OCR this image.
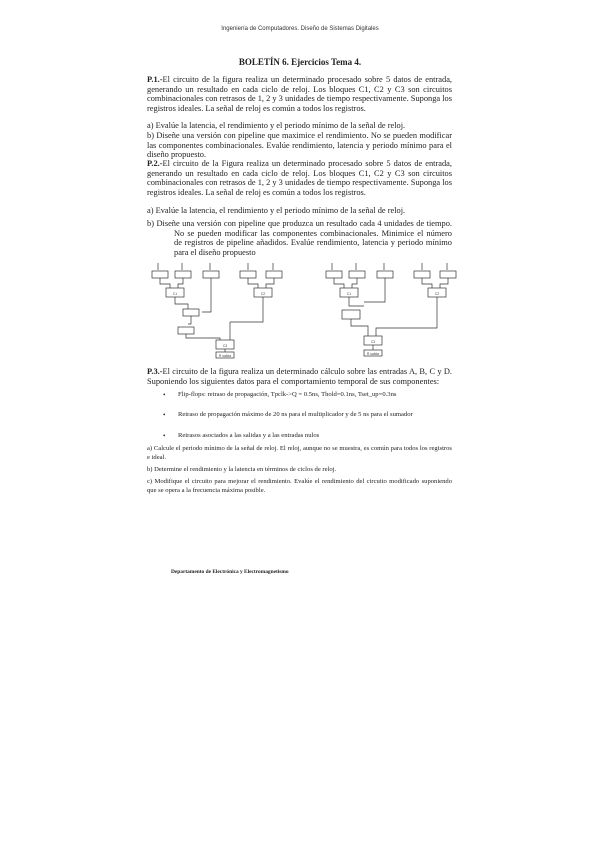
Ingeniería de Computadores. Diseño de Sistemas Digitales
BOLETÍN 6. Ejercicios Tema 4.
P.1.-El circuito de la figura realiza un determinado procesado sobre 5 datos de entrada, generando un resultado en cada ciclo de reloj. Los bloques C1, C2 y C3 son circuitos combinacionales con retrasos de 1, 2 y 3 unidades de tiempo respectivamente. Suponga los registros ideales. La señal de reloj es común a todos los registros.
a) Evalúe la latencia, el rendimiento y el periodo mínimo de la señal de reloj.
b) Diseñe una versión con pipeline que maximice el rendimiento. No se pueden modificar las componentes combinacionales. Evalúe rendimiento, latencia y periodo mínimo para el diseño propuesto.
P.2.-El circuito de la Figura realiza un determinado procesado sobre 5 datos de entrada, generando un resultado en cada ciclo de reloj. Los bloques C1, C2 y C3 son circuitos combinacionales con retrasos de 1, 2 y 3 unidades de tiempo respectivamente. Suponga los registros ideales. La señal de reloj es común a todos los registros.
a) Evalúe la latencia, el rendimiento y el periodo mínimo de la señal de reloj.
b) Diseñe una versión con pipeline que produzca un resultado cada 4 unidades de tiempo. No se pueden modificar las componentes combinacionales. Minimice el número de registros de pipeline añadidos. Evalúe rendimiento, latencia y periodo mínimo para el diseño propuesto
C1	C2
C3
R salida
C1	C2
C3
R salida
P.3.-El circuito de la figura realiza un determinado cálculo sobre las entradas A, B, C y D. Suponiendo los siguientes datos para el comportamiento temporal de sus componentes:
• Flip-flops: retraso de propagación, Tpclk->Q = 0.5ns, Thold=0.1ns, Tset_up=0.3ns
• Retraso de propagación máximo de 20 ns para el multiplicador y de 5 ns para el sumador
• Retrasos asociados a las salidas y a las entradas nulos
a) Calcule el periodo mínimo de la señal de reloj. El reloj, aunque no se muestra, es común para todos los registros e ideal.
b) Determine el rendimiento y la latencia en términos de ciclos de reloj.
c) Modifique el circuito para mejorar el rendimiento. Evalúe el rendimiento del circuito modificado suponiendo que se opera a la frecuencia máxima posible.
Departamento de Electrónica y Electromagnetismo
